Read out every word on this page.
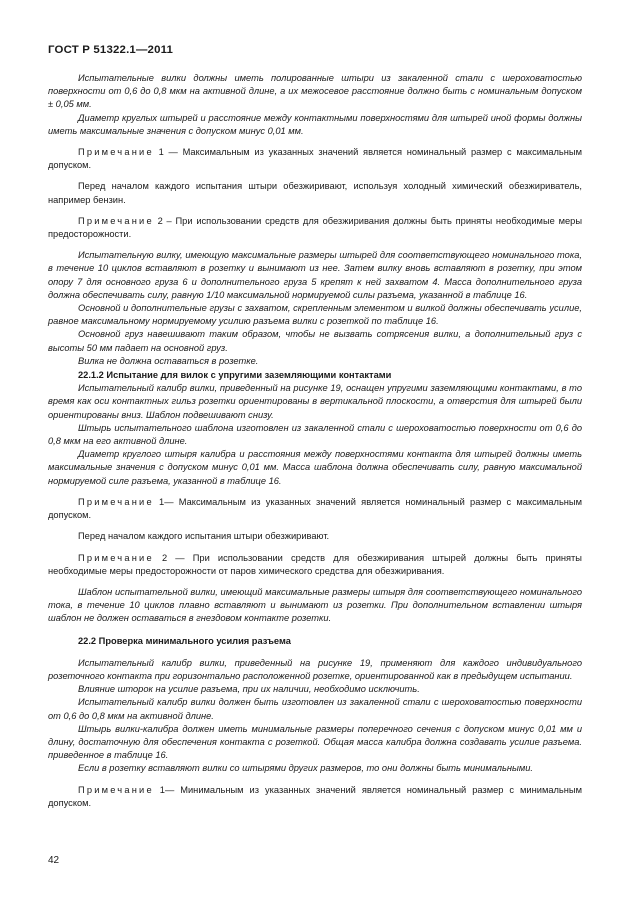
ГОСТ Р 51322.1—2011

Испытательные вилки должны иметь полированные штыри из закаленной стали с шероховатостью поверхности от 0,6 до 0,8 мкм на активной длине, а их межосевое расстояние должно быть с номинальным допуском ± 0,05 мм.

Диаметр круглых штырей и расстояние между контактными поверхностями для штырей иной формы должны иметь максимальные значения с допуском минус 0,01 мм.

Примечание 1 — Максимальным из указанных значений является номинальный размер с максимальным допуском.

Перед началом каждого испытания штыри обезжиривают, используя холодный химический обезжириватель, например бензин.

Примечание 2 – При использовании средств для обезжиривания должны быть приняты необходимые меры предосторожности.

Испытательную вилку, имеющую максимальные размеры штырей для соответствующего номинального тока, в течение 10 циклов вставляют в розетку и вынимают из нее. Затем вилку вновь вставляют в розетку, при этом опору 7 для основного груза 6 и дополнительного груза 5 крепят к ней захватом 4. Масса дополнительного груза должна обеспечивать силу, равную 1/10 максимальной нормируемой силы разъема, указанной в таблице 16.

Основной и дополнительные грузы с захватом, скрепленным элементом и вилкой должны обеспечивать усилие, равное максимальному нормируемому усилию разъема вилки с розеткой по таблице 16.

Основной груз навешивают таким образом, чтобы не вызвать сотрясения вилки, а дополнительный груз с высоты 50 мм падает на основной груз.

Вилка не должна оставаться в розетке.

22.1.2 Испытание для вилок с упругими заземляющими контактами

Испытательный калибр вилки, приведенный на рисунке 19, оснащен упругими заземляющими контактами, в то время как оси контактных гильз розетки ориентированы в вертикальной плоскости, а отверстия для штырей были ориентированы вниз. Шаблон подвешивают снизу.

Штырь испытательного шаблона изготовлен из закаленной стали с шероховатостью поверхности от 0,6 до 0,8 мкм на его активной длине.

Диаметр круглого штыря калибра и расстояния между поверхностями контакта для штырей должны иметь максимальные значения с допуском минус 0,01 мм. Масса шаблона должна обеспечивать силу, равную максимальной нормируемой силе разъема, указанной в таблице 16.

Примечание 1— Максимальным из указанных значений является номинальный размер с максимальным допуском.

Перед началом каждого испытания штыри обезжиривают.

Примечание 2 — При использовании средств для обезжиривания штырей должны быть приняты необходимые меры предосторожности от паров химического средства для обезжиривания.

Шаблон испытательной вилки, имеющий максимальные размеры штыря для соответствующего номинального тока, в течение 10 циклов плавно вставляют и вынимают из розетки. При дополнительном вставлении штыря шаблон не должен оставаться в гнездовом контакте розетки.

22.2 Проверка минимального усилия разъема

Испытательный калибр вилки, приведенный на рисунке 19, применяют для каждого индивидуального розеточного контакта при горизонтально расположенной розетке, ориентированной как в предыдущем испытании.

Влияние шторок на усилие разъема, при их наличии, необходимо исключить.

Испытательный калибр вилки должен быть изготовлен из закаленной стали с шероховатостью поверхности от 0,6 до 0,8 мкм на активной длине.

Штырь вилки-калибра должен иметь минимальные размеры поперечного сечения с допуском минус 0,01 мм и длину, достаточную для обеспечения контакта с розеткой. Общая масса калибра должна создавать усилие разъема. приведенное в таблице 16.

Если в розетку вставляют вилки со штырями других размеров, то они должны быть минимальными.

Примечание 1— Минимальным из указанных значений является номинальный размер с минимальным допуском.

42
